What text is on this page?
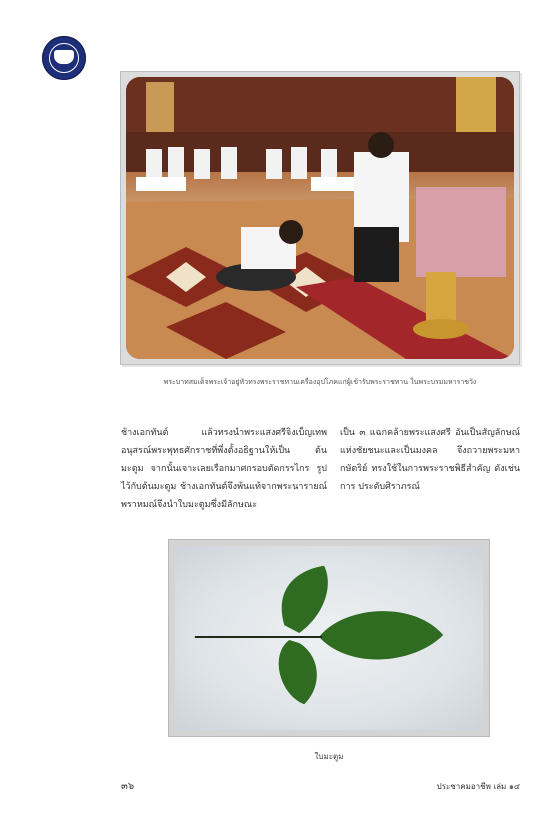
พระบาทสมเด็จพระเจ้าอยู่หัวทรงพระราชทานเครื่องอุปโภคแก่ผู้เข้ารับพระราชทาน ในพระบรมมหาราชวัง

ช้างเอกทันต์ แล้วทรงนำพระแสงศรีจิงเบ็ญเทพ อนุสรณ์พระพุทธศักราชที่พึ่งตั้งอธิฐานให้เป็น ต้นมะตูม จากนั้นเจาะเลยเรือกมาศกรอบตัดกรรไกร รูปไว้กับต้นมะตูม ช้างเอกทันต์จึงพ้นแท้จากพระนารายณ์ พราหมณ์จึงนำใบมะตูมซึ่งมีลักษณะ

เป็น ๓ แฉกคล้ายพระแสงศรี อันเป็นสัญลักษณ์แห่งชัยชนะและเป็นมงคล จึงถวายพระมหากษัตริย์ ทรงใช้ในการพระราชพิธีสำคัญ ดังเช่นการ ประดับศิราภรณ์

ใบมะตูม
๓๖	ประชาคมอาชีพ เล่ม ๑๔
